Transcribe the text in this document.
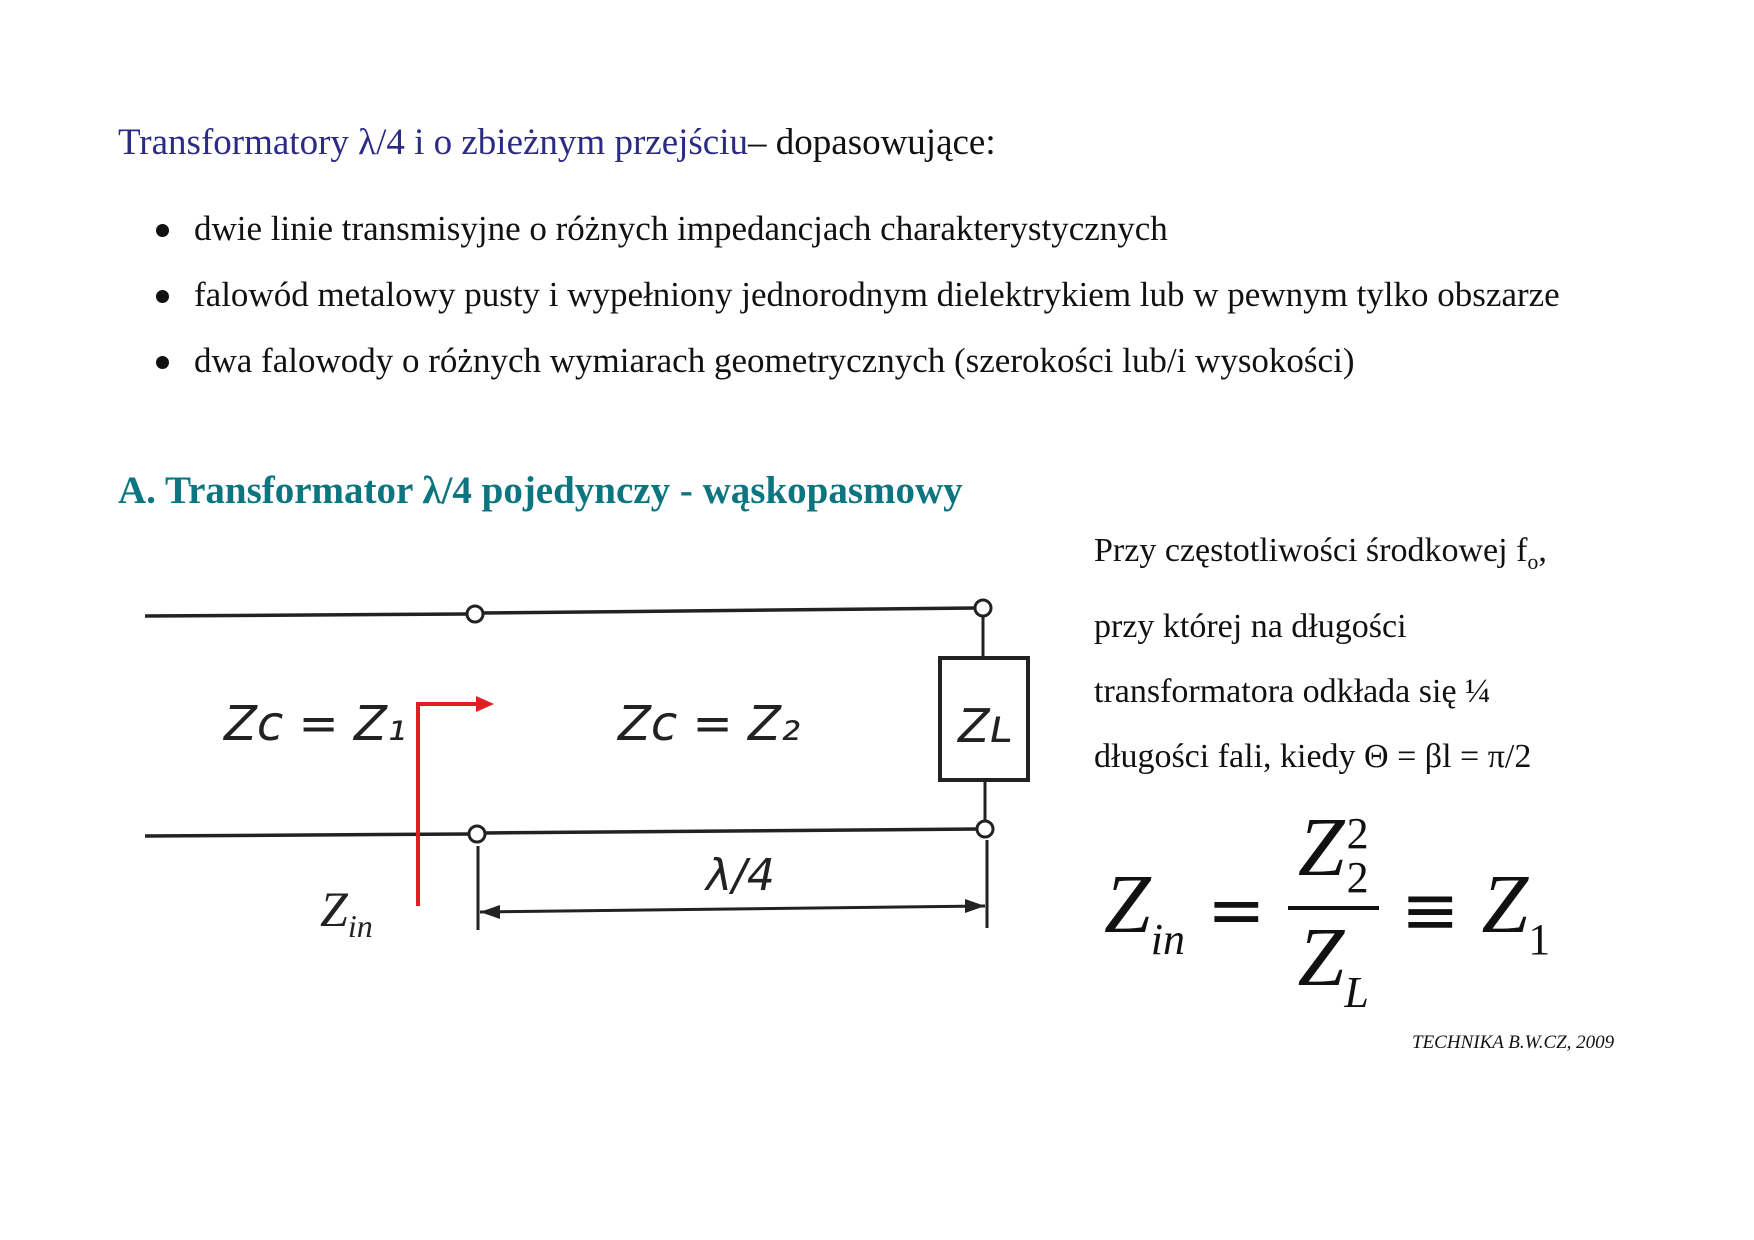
Transformatory λ/4 i o zbieżnym przejściu– dopasowujące:
dwie linie transmisyjne o różnych impedancjach charakterystycznych
falowód metalowy pusty i wypełniony jednorodnym dielektrykiem lub w pewnym tylko obszarze
dwa falowody o różnych wymiarach geometrycznych (szerokości lub/i wysokości)
A. Transformator λ/4 pojedynczy - wąskopasmowy

Przy częstotliwości środkowej $f_o$,

przy której na długości

transformatora odkłada się ¼

długości fali, kiedy Θ = βl = π/2

Zʟ
Zᴄ = Z₁	Zᴄ = Z₂
λ/4
$Z_{in}$	$Z_{in} = Z$ 2
2
$Z_L \equiv Z_1$
TECHNIKA B.W.CZ, 2009
